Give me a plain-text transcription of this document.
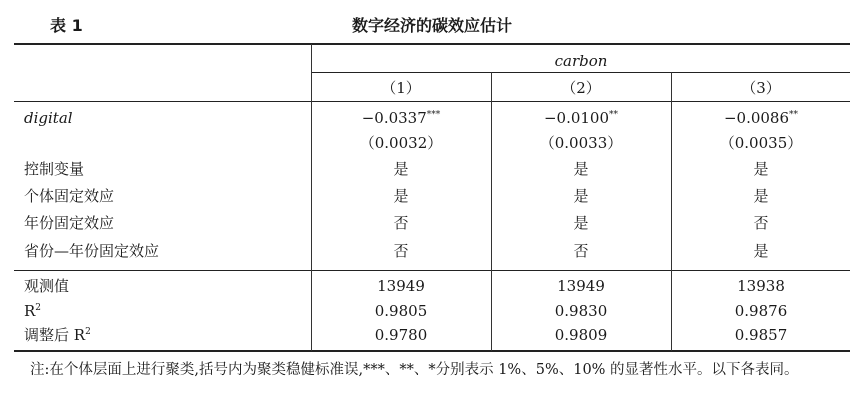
表 1	数字经济的碳效应估计
carbon
（1）	（2）	（3）
digital	−0.0337***	−0.0100**	−0.0086**
（0.0032）	（0.0033）	（0.0035）
控制变量	是	是	是
个体固定效应	是	是	是
年份固定效应	否	是	否
省份—年份固定效应	否	否	是
观测值	13949	13949	13938
$R^2$	0.9805	0.9830	0.9876
调整后 $R^2$	0.9780	0.9809	0.9857
注:在个体层面上进行聚类,括号内为聚类稳健标准误,***、**、*分别表示 1%、5%、10% 的显著性水平。以下各表同。
